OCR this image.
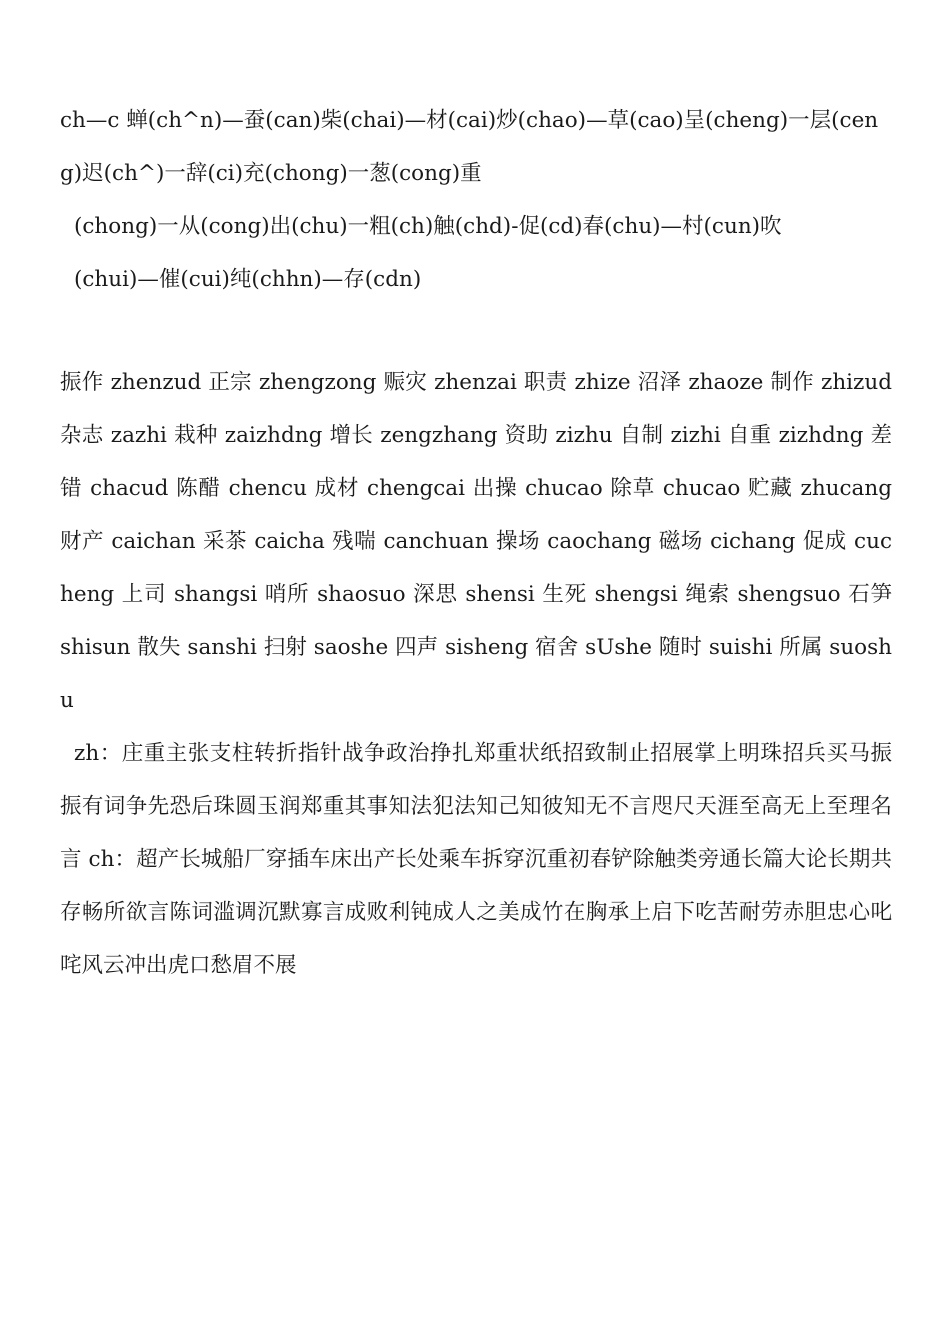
ch—c 蝉(ch^n)—蚕(can)柴(chai)—材(cai)炒(chao)—草(cao)呈(cheng)一层(ceng)迟(ch^)一辞(ci)充(chong)一葱(cong)重
(chong)一从(cong)出(chu)一粗(ch)触(chd)-促(cd)春(chu)—村(cun)吹
(chui)—催(cui)纯(chhn)—存(cdn)

振作 zhenzud 正宗 zhengzong 赈灾 zhenzai 职责 zhize 沼泽 zhaoze 制作 zhizud 杂志 zazhi 栽种 zaizhdng 增长 zengzhang 资助 zizhu 自制 zizhi 自重 zizhdng 差错 chacud 陈醋 chencu 成材 chengcai 出操 chucao 除草 chucao 贮藏 zhucang 财产 caichan 采茶 caicha 残喘 canchuan 操场 caochang 磁场 cichang 促成 cucheng 上司 shangsi 哨所 shaosuo 深思 shensi 生死 shengsi 绳索 shengsuo 石笋 shisun 散失 sanshi 扫射 saoshe 四声 sisheng 宿舍 sUshe 随时 suishi 所属 suoshu

zh：庄重主张支柱转折指针战争政治挣扎郑重状纸招致制止招展掌上明珠招兵买马振振有词争先恐后珠圆玉润郑重其事知法犯法知己知彼知无不言咫尺天涯至高无上至理名言 ch：超产长城船厂穿插车床出产长处乘车拆穿沉重初春铲除触类旁通长篇大论长期共存畅所欲言陈词滥调沉默寡言成败利钝成人之美成竹在胸承上启下吃苦耐劳赤胆忠心叱咤风云冲出虎口愁眉不展
